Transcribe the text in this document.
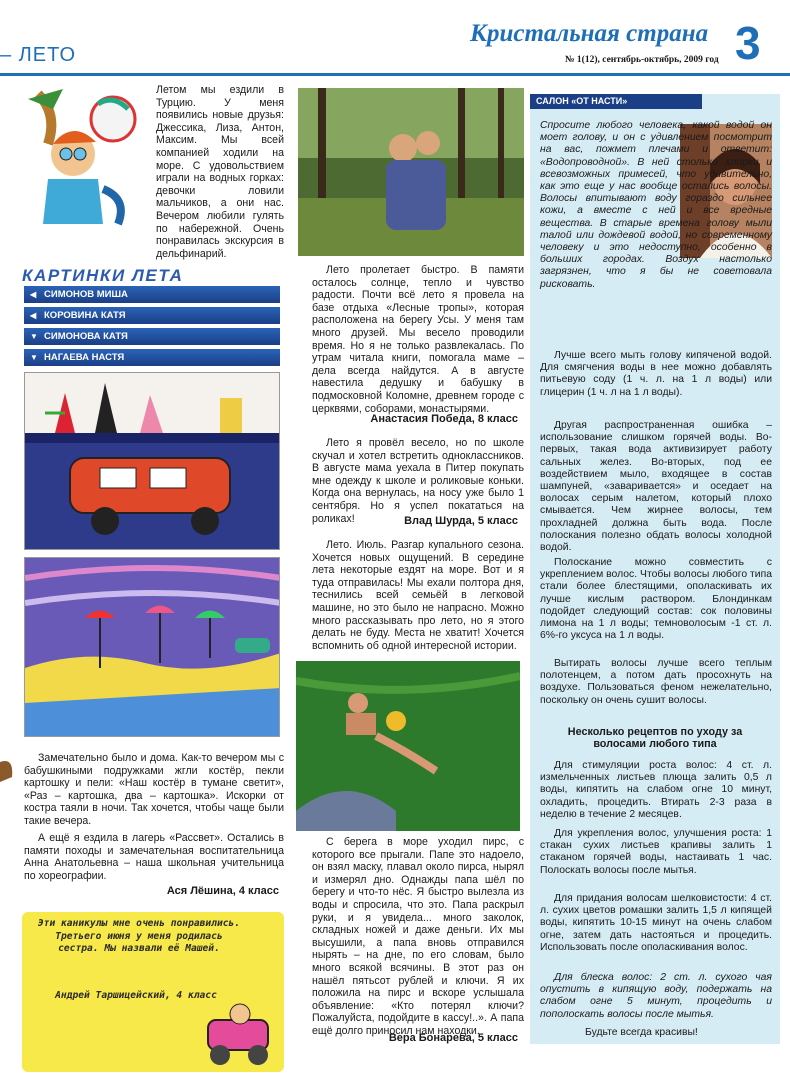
– ЛЕТО
Кристальная страна 3
№ 1(12), сентябрь-октябрь, 2009 год
Летом мы ездили в Турцию. У меня появились новые друзья: Джессика, Лиза, Антон, Максим. Мы всей компанией ходили на море. С удовольствием играли на водных горках: девочки ловили мальчиков, а они нас. Вечером любили гулять по набережной. Очень понравилась экскурсия в дельфинарий.
КАРТИНКИ ЛЕТА
◀ СИМОНОВ МИША
◀ КОРОВИНА КАТЯ
▼ СИМОНОВА КАТЯ
▼ НАГАЕВА НАСТЯ
Замечательно было и дома. Как-то вечером мы с бабушкиными подружками жгли костёр, пекли картошку и пели: «Наш костёр в тумане светит», «Раз – картошка, два – картошка». Искорки от костра таяли в ночи. Так хочется, чтобы чаще были такие вечера.
А ещё я ездила в лагерь «Рассвет». Остались в памяти походы и замечательная воспитательница Анна Анатольевна – наша школьная учительница по хореографии.
Ася Лёшина, 4 класс
Эти каникулы мне очень понравились. Третьего июня у меня родилась сестра. Мы назвали её Машей.
Андрей Таршицейский, 4 класс
Лето пролетает быстро. В памяти осталось солнце, тепло и чувство радости. Почти всё лето я провела на базе отдыха «Лесные тропы», которая расположена на берегу Усы. У меня там много друзей. Мы весело проводили время. Но я не только развлекалась. По утрам читала книги, помогала маме – дела всегда найдутся. А в августе навестила дедушку и бабушку в подмосковной Коломне, древнем городе с церквями, соборами, монастырями.
Анастасия Победа, 8 класс
Лето я провёл весело, но по школе скучал и хотел встретить одноклассников. В августе мама уехала в Питер покупать мне одежду к школе и роликовые коньки. Когда она вернулась, на носу уже было 1 сентября. Но я успел покататься на роликах!	Влад Шурда, 5 класс
Лето. Июль. Разгар купального сезона. Хочется новых ощущений. В середине лета некоторые ездят на море. Вот и я туда отправилась! Мы ехали полтора дня, теснились всей семьёй в легковой машине, но это было не напрасно. Можно много рассказывать про лето, но я этого делать не буду. Места не хватит! Хочется вспомнить об одной интересной истории.
С берега в море уходил пирс, с которого все прыгали. Папе это надоело, он взял маску, плавал около пирса, нырял и измерял дно. Однажды папа шёл по берегу и что-то нёс. Я быстро вылезла из воды и спросила, что это. Папа раскрыл руки, и я увидела... много заколок, складных ножей и даже деньги. Их мы высушили, а папа вновь отправился нырять – на дне, по его словам, было много всякой всячины. В этот раз он нашёл пятьсот рублей и ключи. Я их положила на пирс и вскоре услышала объявление: «Кто потерял ключи? Пожалуйста, подойдите в кассу!..». А папа ещё долго приносил нам находки.
Вера Бонарева, 5 класс
САЛОН «ОТ НАСТИ»
Спросите любого человека, какой водой он моет голову, и он с удивлением посмотрит на вас, пожмет плечами и ответит: «Водопроводной». В ней столько хлорки и всевозможных примесей, что удивительно, как это еще у нас вообще остались волосы. Волосы впитывают воду гораздо сильнее кожи, а вместе с ней и все вредные вещества. В старые времена голову мыли талой или дождевой водой, но современному человеку и это недоступно, особенно в больших городах. Воздух настолько загрязнен, что я бы не советовала рисковать.
Лучше всего мыть голову кипяченой водой. Для смягчения воды в нее можно добавлять питьевую соду (1 ч. л. на 1 л воды) или глицерин (1 ч. л на 1 л воды).
Другая распространенная ошибка – использование слишком горячей воды. Во-первых, такая вода активизирует работу сальных желез. Во-вторых, под ее воздействием мыло, входящее в состав шампуней, «заваривается» и оседает на волосах серым налетом, который плохо смывается. Чем жирнее волосы, тем прохладней должна быть вода. После полоскания полезно обдать волосы холодной водой.
Полоскание можно совместить с укреплением волос. Чтобы волосы любого типа стали более блестящими, ополаскивать их лучше кислым раствором. Блондинкам подойдет следующий состав: сок половины лимона на 1 л воды; темноволосым -1 ст. л. 6%-го уксуса на 1 л воды.
Вытирать волосы лучше всего теплым полотенцем, а потом дать просохнуть на воздухе. Пользоваться феном нежелательно, поскольку он очень сушит волосы.
Несколько рецептов по уходу за волосами любого типа
Для стимуляции роста волос: 4 ст. л. измельченных листьев плюща залить 0,5 л воды, кипятить на слабом огне 10 минут, охладить, процедить. Втирать 2-3 раза в неделю в течение 2 месяцев.
Для укрепления волос, улучшения роста: 1 стакан сухих листьев крапивы залить 1 стаканом горячей воды, настаивать 1 час. Полоскать волосы после мытья.
Для придания волосам шелковистости: 4 ст. л. сухих цветов ромашки залить 1,5 л кипящей воды, кипятить 10-15 минут на очень слабом огне, затем дать настояться и процедить. Использовать после ополаскивания волос.
Для блеска волос: 2 ст. л. сухого чая опустить в кипящую воду, подержать на слабом огне 5 минут, процедить и пополоскать волосы после мытья.
Будьте всегда красивы!
